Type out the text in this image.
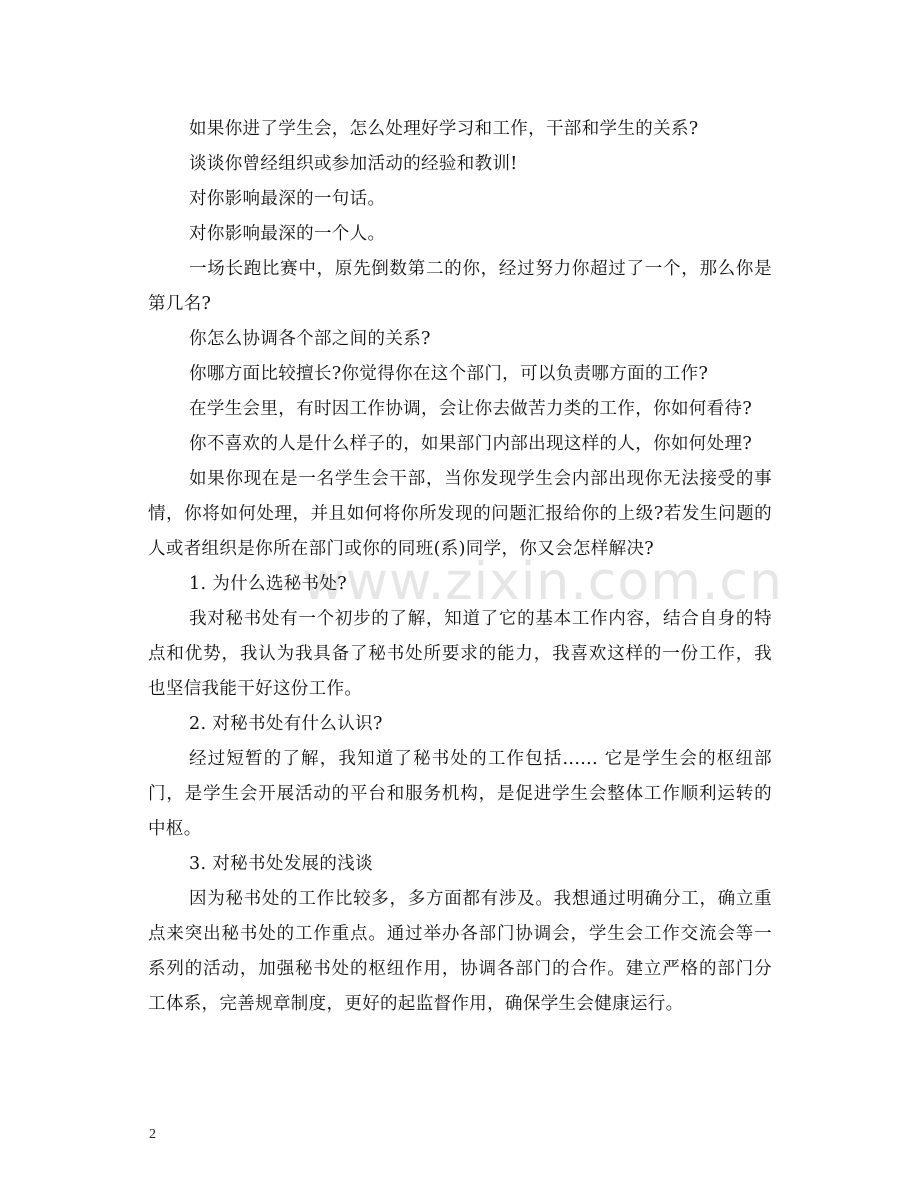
www.zixin.com.cn

如果你进了学生会，怎么处理好学习和工作，干部和学生的关系?

谈谈你曾经组织或参加活动的经验和教训!

对你影响最深的一句话。

对你影响最深的一个人。

一场长跑比赛中，原先倒数第二的你，经过努力你超过了一个，那么你是第几名?

你怎么协调各个部之间的关系?

你哪方面比较擅长?你觉得你在这个部门，可以负责哪方面的工作?

在学生会里，有时因工作协调，会让你去做苦力类的工作，你如何看待?

你不喜欢的人是什么样子的，如果部门内部出现这样的人，你如何处理?

如果你现在是一名学生会干部，当你发现学生会内部出现你无法接受的事情，你将如何处理，并且如何将你所发现的问题汇报给你的上级?若发生问题的人或者组织是你所在部门或你的同班(系)同学，你又会怎样解决?

1. 为什么选秘书处?

我对秘书处有一个初步的了解，知道了它的基本工作内容，结合自身的特点和优势，我认为我具备了秘书处所要求的能力，我喜欢这样的一份工作，我也坚信我能干好这份工作。

2. 对秘书处有什么认识?

经过短暂的了解，我知道了秘书处的工作包括...... 它是学生会的枢纽部门，是学生会开展活动的平台和服务机构，是促进学生会整体工作顺利运转的中枢。

3. 对秘书处发展的浅谈

因为秘书处的工作比较多，多方面都有涉及。我想通过明确分工，确立重点来突出秘书处的工作重点。通过举办各部门协调会，学生会工作交流会等一系列的活动，加强秘书处的枢纽作用，协调各部门的合作。建立严格的部门分工体系，完善规章制度，更好的起监督作用，确保学生会健康运行。

2
